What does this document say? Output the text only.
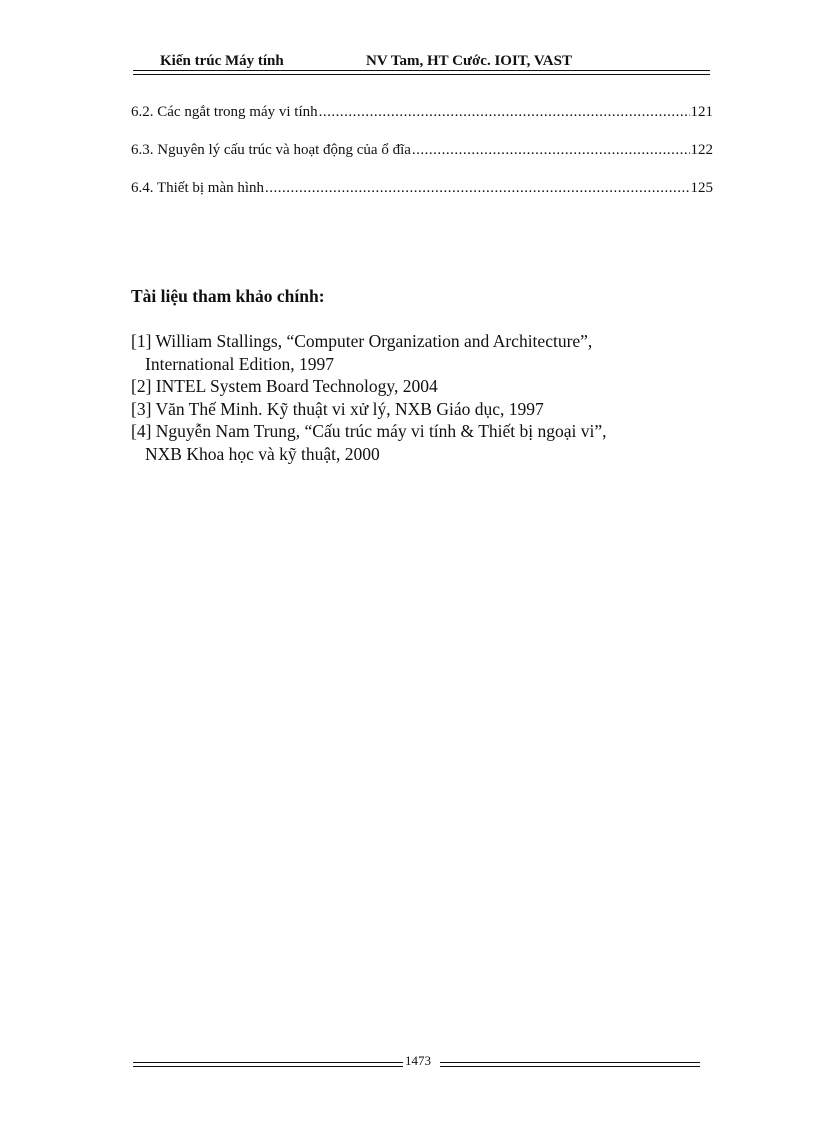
Kiến trúc Máy tính	NV Tam, HT Cước. IOIT, VAST
6.2. Các ngắt trong máy vi tính .....	121
6.3. Nguyên lý cấu trúc và hoạt động của ổ đĩa .....	122
6.4. Thiết bị màn hình .....	125
Tài liệu tham khảo chính:
[1] William Stallings, “Computer Organization and Architecture”,
International Edition, 1997
[2] INTEL System Board Technology, 2004
[3] Văn Thế Minh. Kỹ thuật vi xử lý, NXB Giáo dục, 1997
[4] Nguyễn Nam Trung, “Cấu trúc máy vi tính & Thiết bị ngoại vi”,
NXB Khoa học và kỹ thuật, 2000
1473
